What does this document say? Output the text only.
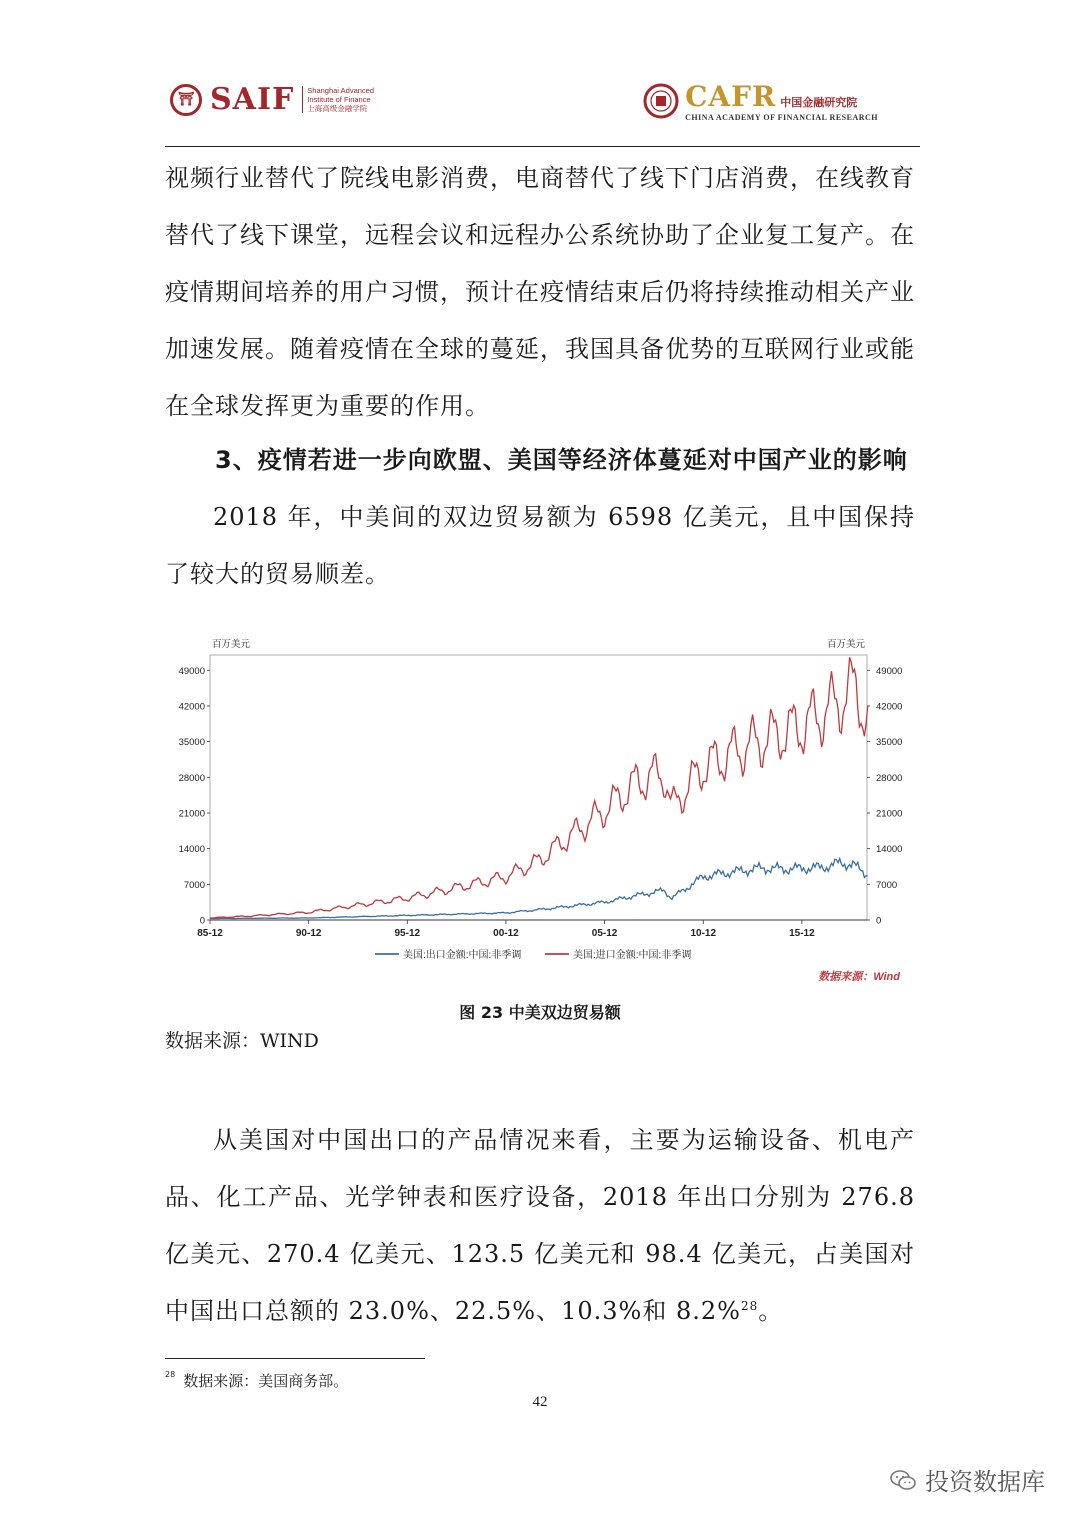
⛩ SAIF Shanghai Advanced
Institute of Finance
上海高级金融学院	CAFR 中国金融研究院
CHINA ACADEMY OF FINANCIAL RESEARCH
视频行业替代了院线电影消费，电商替代了线下门店消费，在线教育替代了线下课堂，远程会议和远程办公系统协助了企业复工复产。在疫情期间培养的用户习惯，预计在疫情结束后仍将持续推动相关产业加速发展。随着疫情在全球的蔓延，我国具备优势的互联网行业或能在全球发挥更为重要的作用。
3、疫情若进一步向欧盟、美国等经济体蔓延对中国产业的影响
2018 年，中美间的双边贸易额为 6598 亿美元，且中国保持了较大的贸易顺差。
0	0
7000	7000
14000	14000
21000	21000
28000	28000
35000	35000
42000	42000
49000	49000
百万美元	百万美元
85-12	90-12	95-12	00-12	05-12	10-12	15-12
美国:出口金额:中国:非季调	美国:进口金额:中国:非季调
数据来源：Wind
图 23 中美双边贸易额
数据来源：WIND
从美国对中国出口的产品情况来看，主要为运输设备、机电产品、化工产品、光学钟表和医疗设备，2018 年出口分别为 276.8 亿美元、270.4 亿美元、123.5 亿美元和 98.4 亿美元，占美国对中国出口总额的 23.0%、22.5%、10.3%和 8.2%$^{28}$。
$^{28}$ 数据来源：美国商务部。
42
投资数据库
